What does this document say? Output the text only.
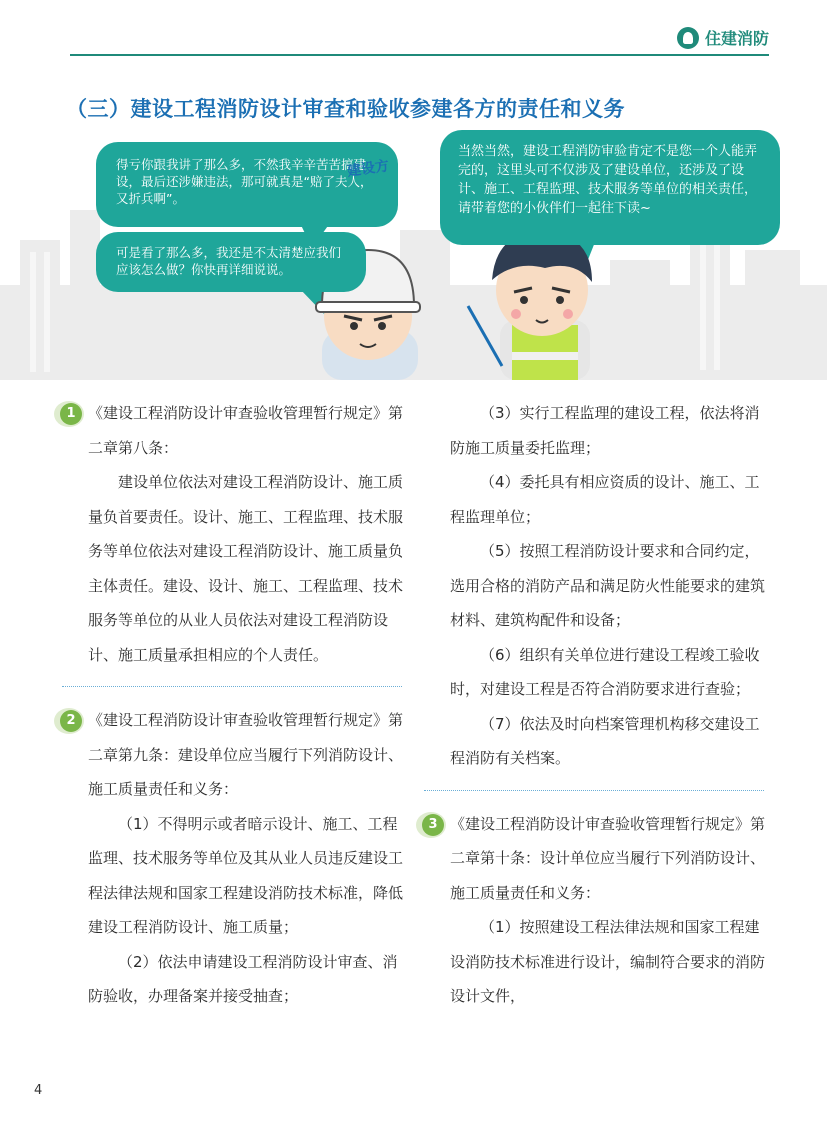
住建消防
（三）建设工程消防设计审查和验收参建各方的责任和义务

得亏你跟我讲了那么多，不然我辛辛苦苦搞建设，最后还涉嫌违法，那可就真是“赔了夫人，又折兵啊”。

可是看了那么多，我还是不太清楚应我们应该怎么做？你快再详细说说。

当然当然，建设工程消防审验肯定不是您一个人能弄完的，这里头可不仅涉及了建设单位，还涉及了设计、施工、工程监理、技术服务等单位的相关责任，请带着您的小伙伴们一起往下读~

建设方
1 《建设工程消防设计审查验收管理暂行规定》第二章第八条：

建设单位依法对建设工程消防设计、施工质量负首要责任。设计、施工、工程监理、技术服务等单位依法对建设工程消防设计、施工质量负主体责任。建设、设计、施工、工程监理、技术服务等单位的从业人员依法对建设工程消防设计、施工质量承担相应的个人责任。

2 《建设工程消防设计审查验收管理暂行规定》第二章第九条：建设单位应当履行下列消防设计、施工质量责任和义务：

（1）不得明示或者暗示设计、施工、工程监理、技术服务等单位及其从业人员违反建设工程法律法规和国家工程建设消防技术标准，降低建设工程消防设计、施工质量；

（2）依法申请建设工程消防设计审查、消防验收，办理备案并接受抽查；

（3）实行工程监理的建设工程，依法将消防施工质量委托监理；

（4）委托具有相应资质的设计、施工、工程监理单位；

（5）按照工程消防设计要求和合同约定，选用合格的消防产品和满足防火性能要求的建筑材料、建筑构配件和设备；

（6）组织有关单位进行建设工程竣工验收时，对建设工程是否符合消防要求进行查验；

（7）依法及时向档案管理机构移交建设工程消防有关档案。

3 《建设工程消防设计审查验收管理暂行规定》第二章第十条：设计单位应当履行下列消防设计、施工质量责任和义务：

（1）按照建设工程法律法规和国家工程建设消防技术标准进行设计，编制符合要求的消防设计文件，

4
